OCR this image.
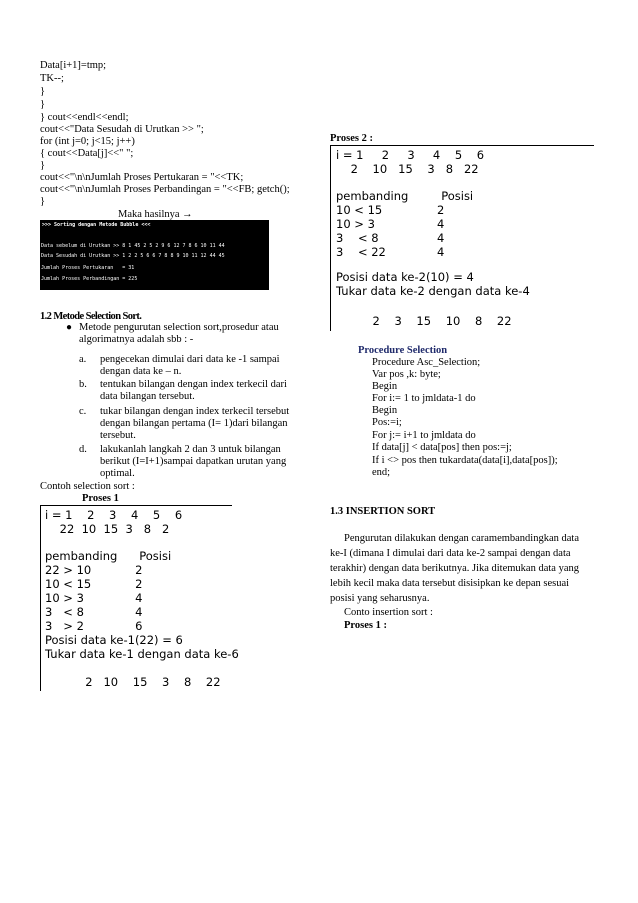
Data[i+1]=tmp;
TK--;
}
}
} cout<<endl<<endl;
cout<<"Data Sesudah di Urutkan >> ";
for (int j=0; j<15; j++)
{ cout<<Data[j]<<" ";
}
cout<<"\n\nJumlah Proses Pertukaran = "<<TK;
cout<<"\n\nJumlah Proses Perbandingan = "<<FB; getch();
}
Maka hasilnya →
>>> Sorting dengan Metode Bubble <<<
Data sebelum di Urutkan >> 8 1 45 2 5 2 9 6 12 7 8 6 10 11 44
Data Sesudah di Urutkan >> 1 2 2 5 6 6 7 8 8 9 10 11 12 44 45
Jumlah Proses Pertukaran   = 31
Jumlah Proses Perbandingan = 225
1.2 Metode Selection Sort.
● Metode pengurutan selection sort,prosedur atau
algorimatnya adalah sbb : -
a. pengecekan dimulai dari data ke -1 sampai
dengan data ke – n.
b. tentukan bilangan dengan index terkecil dari
data bilangan tersebut.
c. tukar bilangan dengan index terkecil tersebut
dengan bilangan pertama (I= 1)dari bilangan
tersebut.
d. lakukanlah langkah 2 dan 3 untuk bilangan
berikut (I=I+1)sampai dapatkan urutan yang
optimal.
Contoh selection sort :
Proses 1
i = 1    2    3    4    5    6
22  10  15  3   8   2
pembanding      Posisi
22 > 10            2
10 < 15            2
10 > 3              4
3   < 8              4
3   > 2              6
Posisi data ke-1(22) = 6
Tukar data ke-1 dengan data ke-6
2   10    15    3    8    22
Proses 2 :
i = 1     2     3     4    5    6
2    10   15    3   8   22
pembanding         Posisi
10 < 15               2
10 > 3                 4
3    < 8                4
3    < 22              4
Posisi data ke-2(10) = 4
Tukar data ke-2 dengan data ke-4
2    3    15    10    8    22
Procedure Selection
Procedure Asc_Selection;
Var pos ,k: byte;
Begin
For i:= 1 to jmldata-1 do
Begin
Pos:=i;
For j:= i+1 to jmldata do
If data[j] < data[pos] then pos:=j;
If i <> pos then tukardata(data[i],data[pos]);
end;
1.3 INSERTION SORT
Pengurutan dilakukan dengan caramembandingkan data
ke-I (dimana I dimulai dari data ke-2 sampai dengan data
terakhir) dengan data berikutnya. Jika ditemukan data yang
lebih kecil maka data tersebut disisipkan ke depan sesuai
posisi yang seharusnya.
Conto insertion sort :
Proses 1 :
